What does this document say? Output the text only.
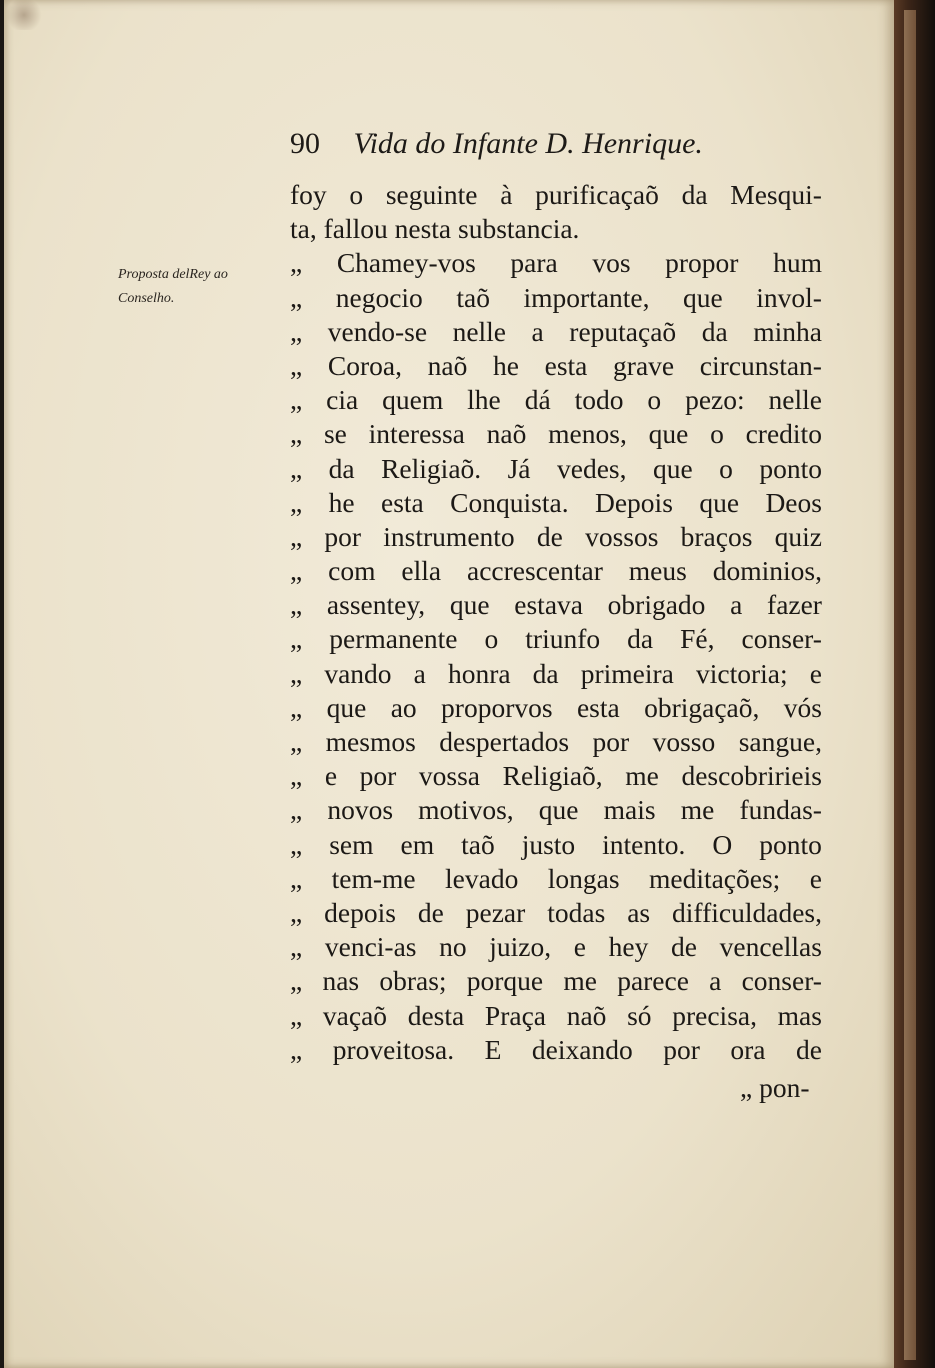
90 Vida do Infante D. Henrique.
Proposta delRey ao
Conselho.
foy o seguinte à purificaçaõ da Mesqui-
ta, fallou nesta substancia.
„ Chamey-vos para vos propor hum
„ negocio taõ importante, que invol-
„ vendo-se nelle a reputaçaõ da minha
„ Coroa, naõ he esta grave circunstan-
„ cia quem lhe dá todo o pezo: nelle
„ se interessa naõ menos, que o credito
„ da Religiaõ. Já vedes, que o ponto
„ he esta Conquista. Depois que Deos
„ por instrumento de vossos braços quiz
„ com ella accrescentar meus dominios,
„ assentey, que estava obrigado a fazer
„ permanente o triunfo da Fé, conser-
„ vando a honra da primeira victoria; e
„ que ao proporvos esta obrigaçaõ, vós
„ mesmos despertados por vosso sangue,
„ e por vossa Religiaõ, me descobririeis
„ novos motivos, que mais me fundas-
„ sem em taõ justo intento. O ponto
„ tem-me levado longas meditações; e
„ depois de pezar todas as difficuldades,
„ venci-as no juizo, e hey de vencellas
„ nas obras; porque me parece a conser-
„ vaçaõ desta Praça naõ só precisa, mas
„ proveitosa. E deixando por ora de
„ pon-
